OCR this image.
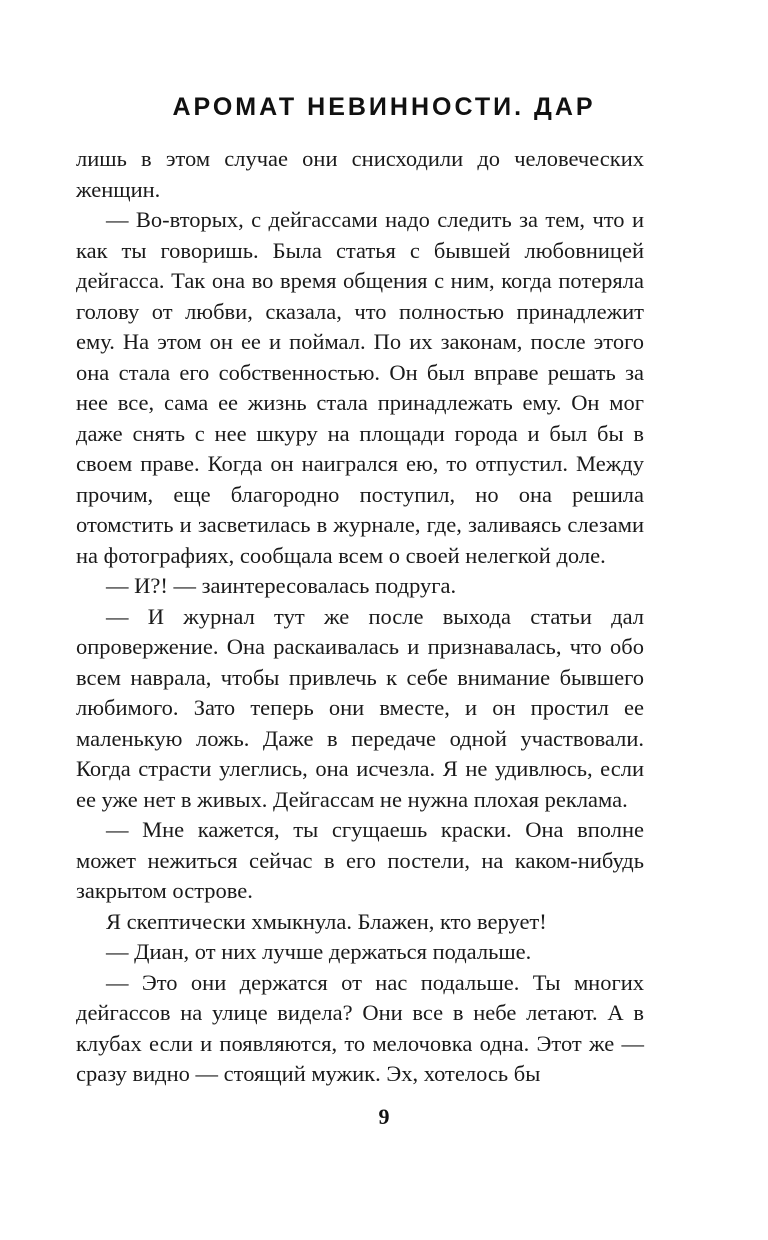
АРОМАТ НЕВИННОСТИ. ДАР

лишь в этом случае они снисходили до человеческих женщин.

— Во-вторых, с дейгассами надо следить за тем, что и как ты говоришь. Была статья с бывшей любовницей дейгасса. Так она во время общения с ним, когда потеряла голову от любви, сказала, что полностью принадлежит ему. На этом он ее и поймал. По их законам, после этого она стала его собственностью. Он был вправе решать за нее все, сама ее жизнь стала принадлежать ему. Он мог даже снять с нее шкуру на площади города и был бы в своем праве. Когда он наигрался ею, то отпустил. Между прочим, еще благородно поступил, но она решила отомстить и засветилась в журнале, где, заливаясь слезами на фотографиях, сообщала всем о своей нелегкой доле.

— И?! — заинтересовалась подруга.

— И журнал тут же после выхода статьи дал опровержение. Она раскаивалась и признавалась, что обо всем наврала, чтобы привлечь к себе внимание бывшего любимого. Зато теперь они вместе, и он простил ее маленькую ложь. Даже в передаче одной участвовали. Когда страсти улеглись, она исчезла. Я не удивлюсь, если ее уже нет в живых. Дейгассам не нужна плохая реклама.

— Мне кажется, ты сгущаешь краски. Она вполне может нежиться сейчас в его постели, на каком-нибудь закрытом острове.

Я скептически хмыкнула. Блажен, кто верует!

— Диан, от них лучше держаться подальше.

— Это они держатся от нас подальше. Ты многих дейгассов на улице видела? Они все в небе летают. А в клубах если и появляются, то мелочовка одна. Этот же — сразу видно — стоящий мужик. Эх, хотелось бы

9
